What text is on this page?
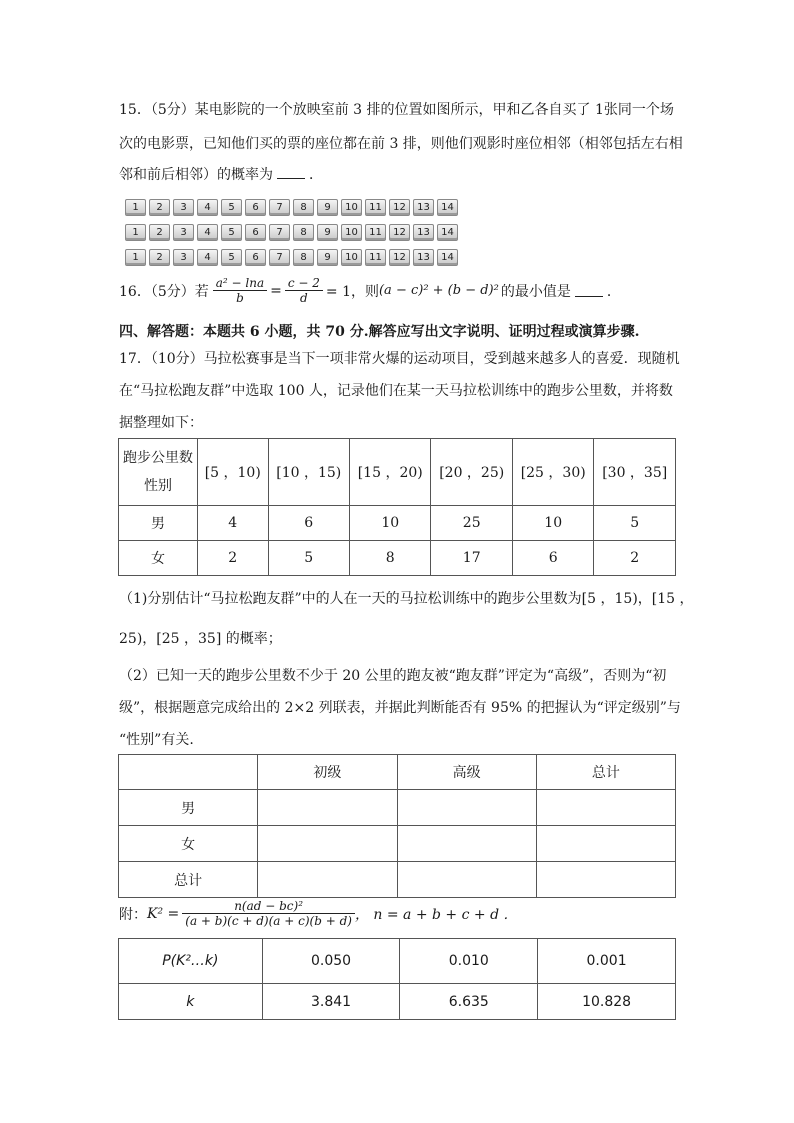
15．（5分）某电影院的一个放映室前 3 排的位置如图所示，甲和乙各自买了 1张同一个场
次的电影票，已知他们买的票的座位都在前 3 排，则他们观影时座位相邻（相邻包括左右相
邻和前后相邻）的概率为	．
1	2	3	4	5	6	7	8	9	10	11	12	13	14
1	2	3	4	5	6	7	8	9	10	11	12	13	14
1	2	3	4	5	6	7	8	9	10	11	12	13	14
16．（5分）若 $\frac{\text{a² − lna}}{b} = \frac{c - 2}{d} = 1$，则 (a − c)² + (b − d)² 的最小值是	．
四、解答题：本题共 6 小题，共 70 分.解答应写出文字说明、证明过程或演算步骤.
17．（10分）马拉松赛事是当下一项非常火爆的运动项目，受到越来越多人的喜爱．现随机
在“马拉松跑友群”中选取 100 人，记录他们在某一天马拉松训练中的跑步公里数，并将数
据整理如下：
跑步公里数
性别	[5 ，10)	[10 ，15)	[15 ，20)	[20 ，25)	[25 ，30)	[30 ，35]
男	4	6	10	25	10	5
女	2	5	8	17	6	2
（1)分别估计“马拉松跑友群”中的人在一天的马拉松训练中的跑步公里数为[5 ，15)，[15 ，
25)，[25 ，35] 的概率；
（2）已知一天的跑步公里数不少于 20 公里的跑友被“跑友群”评定为“高级”，否则为“初
级”，根据题意完成给出的 2×2 列联表，并据此判断能否有 95% 的把握认为“评定级别”与
“性别”有关.
	初级	高级	总计
男			
女			
总计			
附： $K^2 = \frac{\text{n(ad − bc)²}}{(a + b)(c + d)(a + c)(b + d)}$ ， n = a + b + c + d ．
P(K²…k)	0.050	0.010	0.001
k	3.841	6.635	10.828
